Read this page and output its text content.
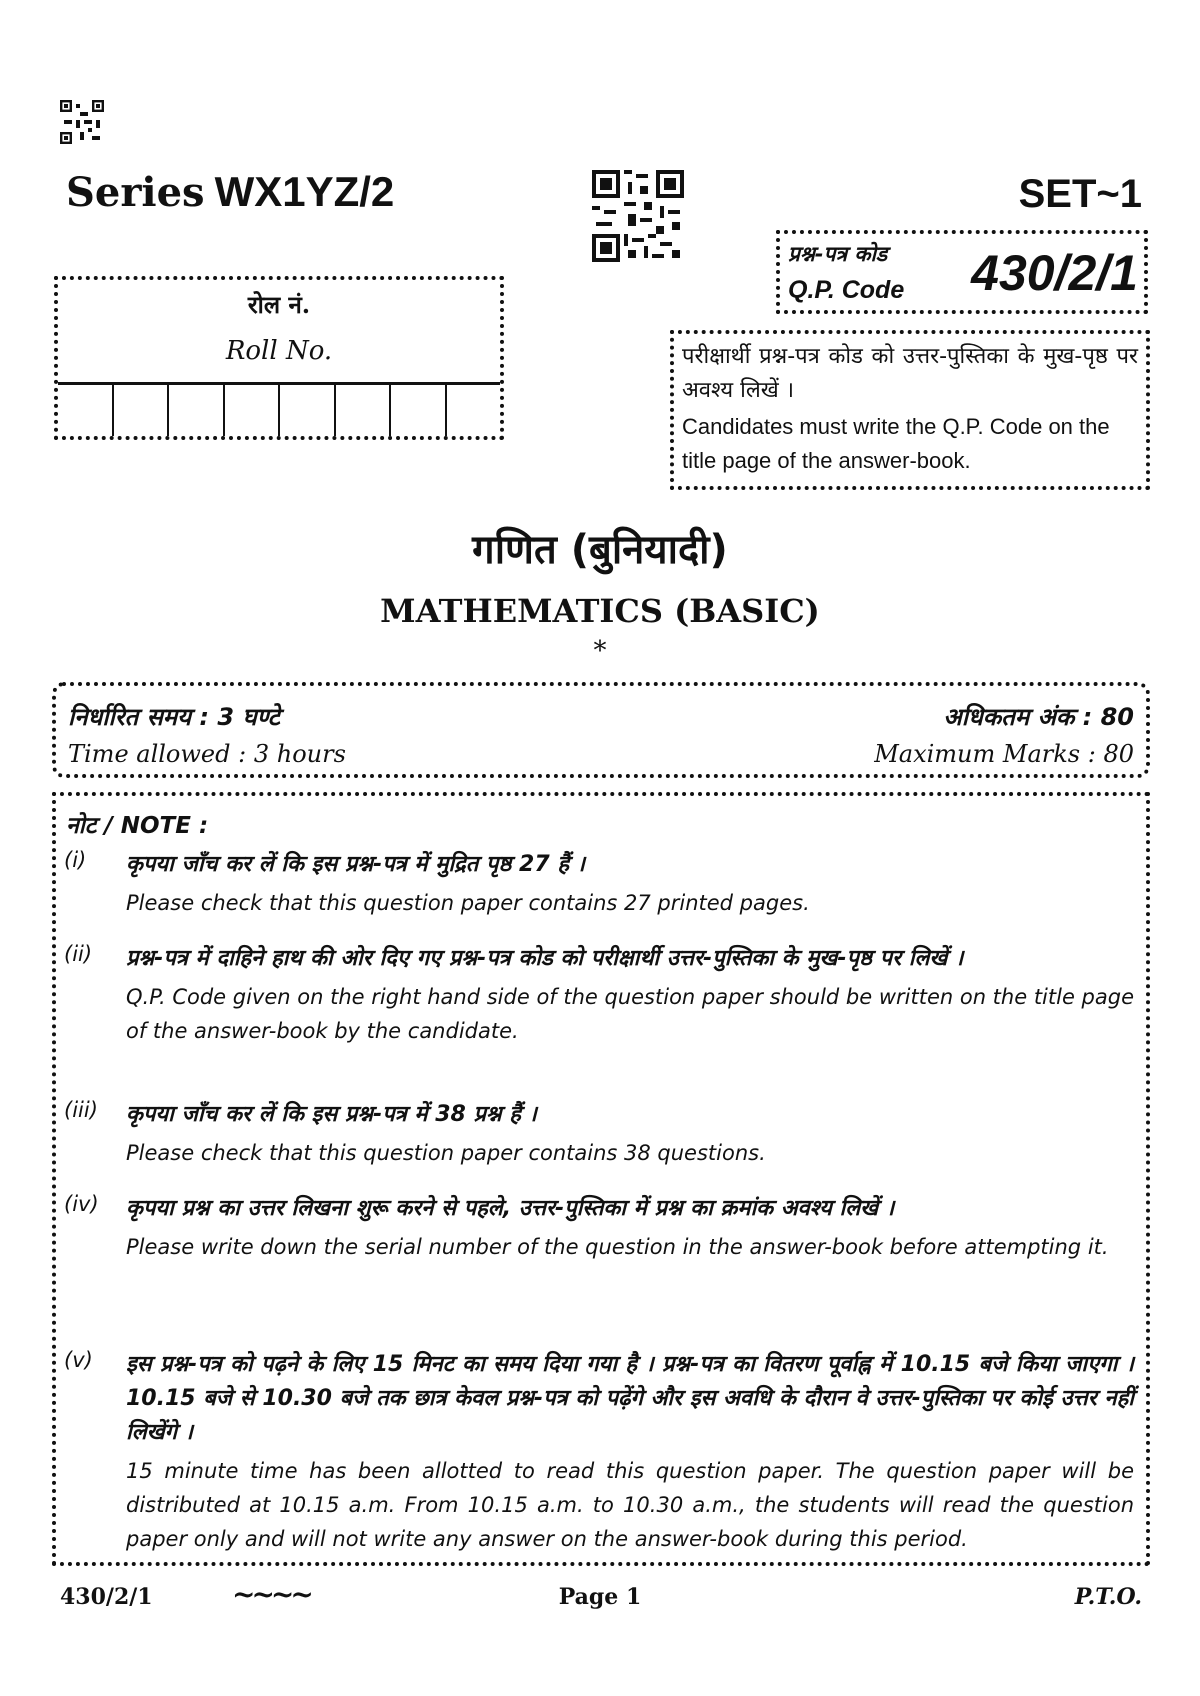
Series WX1YZ/2	SET~1
रोल नं.
Roll No.
प्रश्न-पत्र कोड
Q.P. Code 430/2/1
परीक्षार्थी प्रश्न-पत्र कोड को उत्तर-पुस्तिका के मुख-पृष्ठ पर अवश्य लिखें ।
Candidates must write the Q.P. Code on the title page of the answer-book.
गणित (बुनियादी)
MATHEMATICS (BASIC)
*
निर्धारित समय : 3 घण्टे
Time allowed : 3 hours
अधिकतम अंक : 80
Maximum Marks : 80
नोट / NOTE :
(i) कृपया जाँच कर लें कि इस प्रश्न-पत्र में मुद्रित पृष्ठ 27 हैं ।
Please check that this question paper contains 27 printed pages.
(ii) प्रश्न-पत्र में दाहिने हाथ की ओर दिए गए प्रश्न-पत्र कोड को परीक्षार्थी उत्तर-पुस्तिका के मुख-पृष्ठ पर लिखें ।
Q.P. Code given on the right hand side of the question paper should be written on the title page of the answer-book by the candidate.
(iii) कृपया जाँच कर लें कि इस प्रश्न-पत्र में 38 प्रश्न हैं ।
Please check that this question paper contains 38 questions.
(iv) कृपया प्रश्न का उत्तर लिखना शुरू करने से पहले, उत्तर-पुस्तिका में प्रश्न का क्रमांक अवश्य लिखें ।
Please write down the serial number of the question in the answer-book before attempting it.
(v) इस प्रश्न-पत्र को पढ़ने के लिए 15 मिनट का समय दिया गया है । प्रश्न-पत्र का वितरण पूर्वाह्न में 10.15 बजे किया जाएगा । 10.15 बजे से 10.30 बजे तक छात्र केवल प्रश्न-पत्र को पढ़ेंगे और इस अवधि के दौरान वे उत्तर-पुस्तिका पर कोई उत्तर नहीं लिखेंगे ।
15 minute time has been allotted to read this question paper. The question paper will be distributed at 10.15 a.m. From 10.15 a.m. to 10.30 a.m., the students will read the question paper only and will not write any answer on the answer-book during this period.
430/2/1	~~~~	Page 1	P.T.O.
